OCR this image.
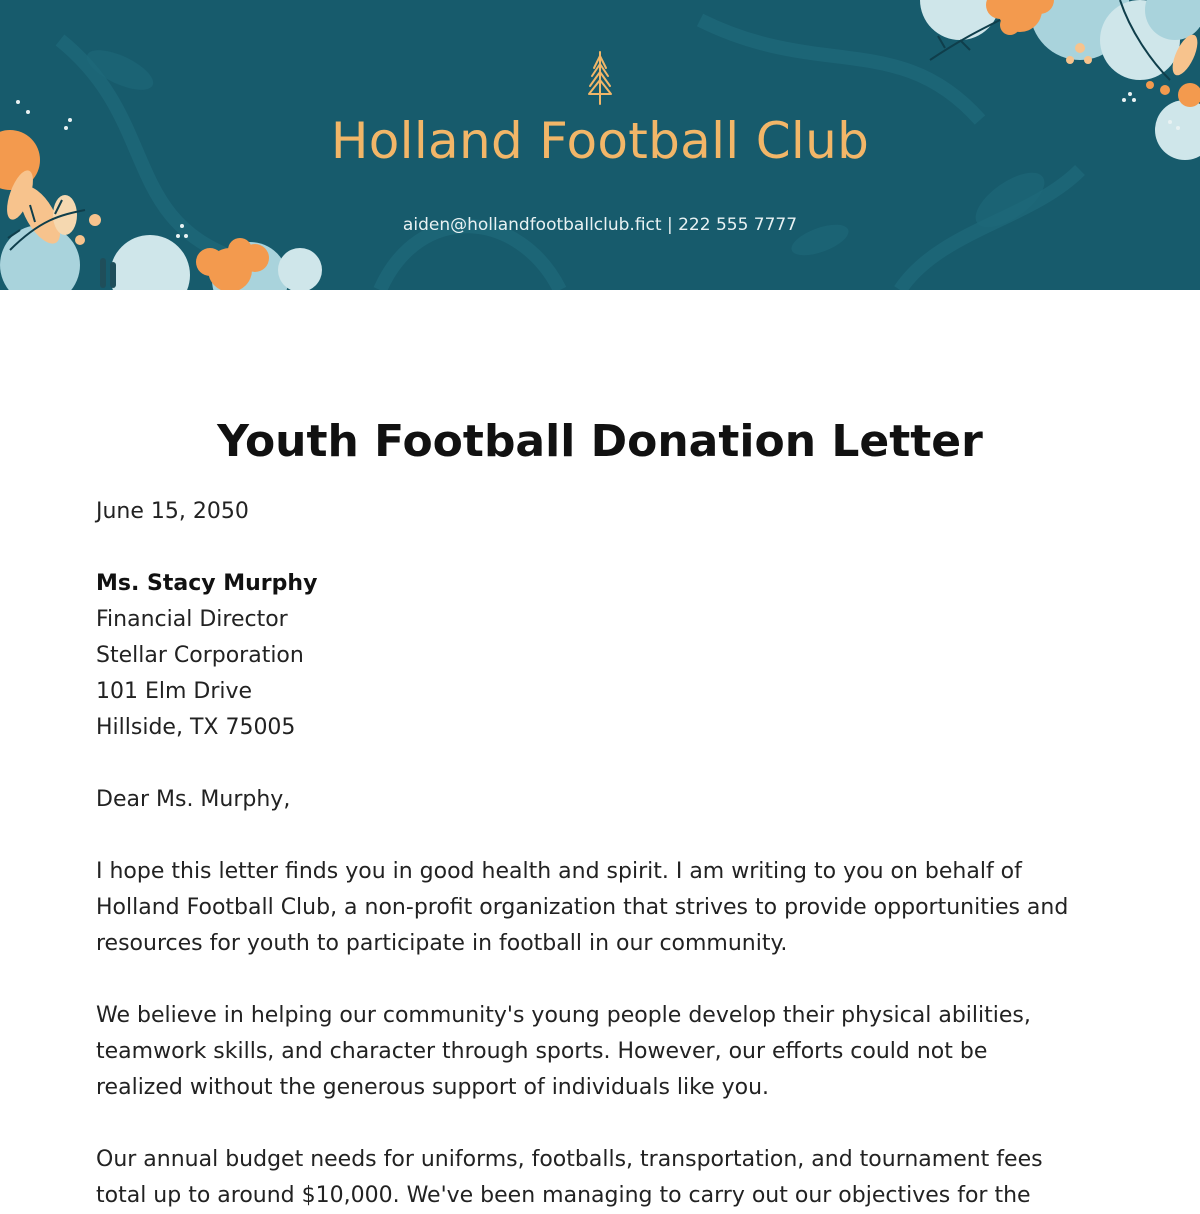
Holland Football Club
aiden@hollandfootballclub.fict | 222 555 7777
Youth Football Donation Letter
June 15, 2050
Ms. Stacy Murphy
Financial Director
Stellar Corporation
101 Elm Drive
Hillside, TX 75005
Dear Ms. Murphy,
I hope this letter finds you in good health and spirit. I am writing to you on behalf of
Holland Football Club, a non-profit organization that strives to provide opportunities and
resources for youth to participate in football in our community.
We believe in helping our community's young people develop their physical abilities,
teamwork skills, and character through sports. However, our efforts could not be
realized without the generous support of individuals like you.
Our annual budget needs for uniforms, footballs, transportation, and tournament fees
total up to around $10,000. We've been managing to carry out our objectives for the
